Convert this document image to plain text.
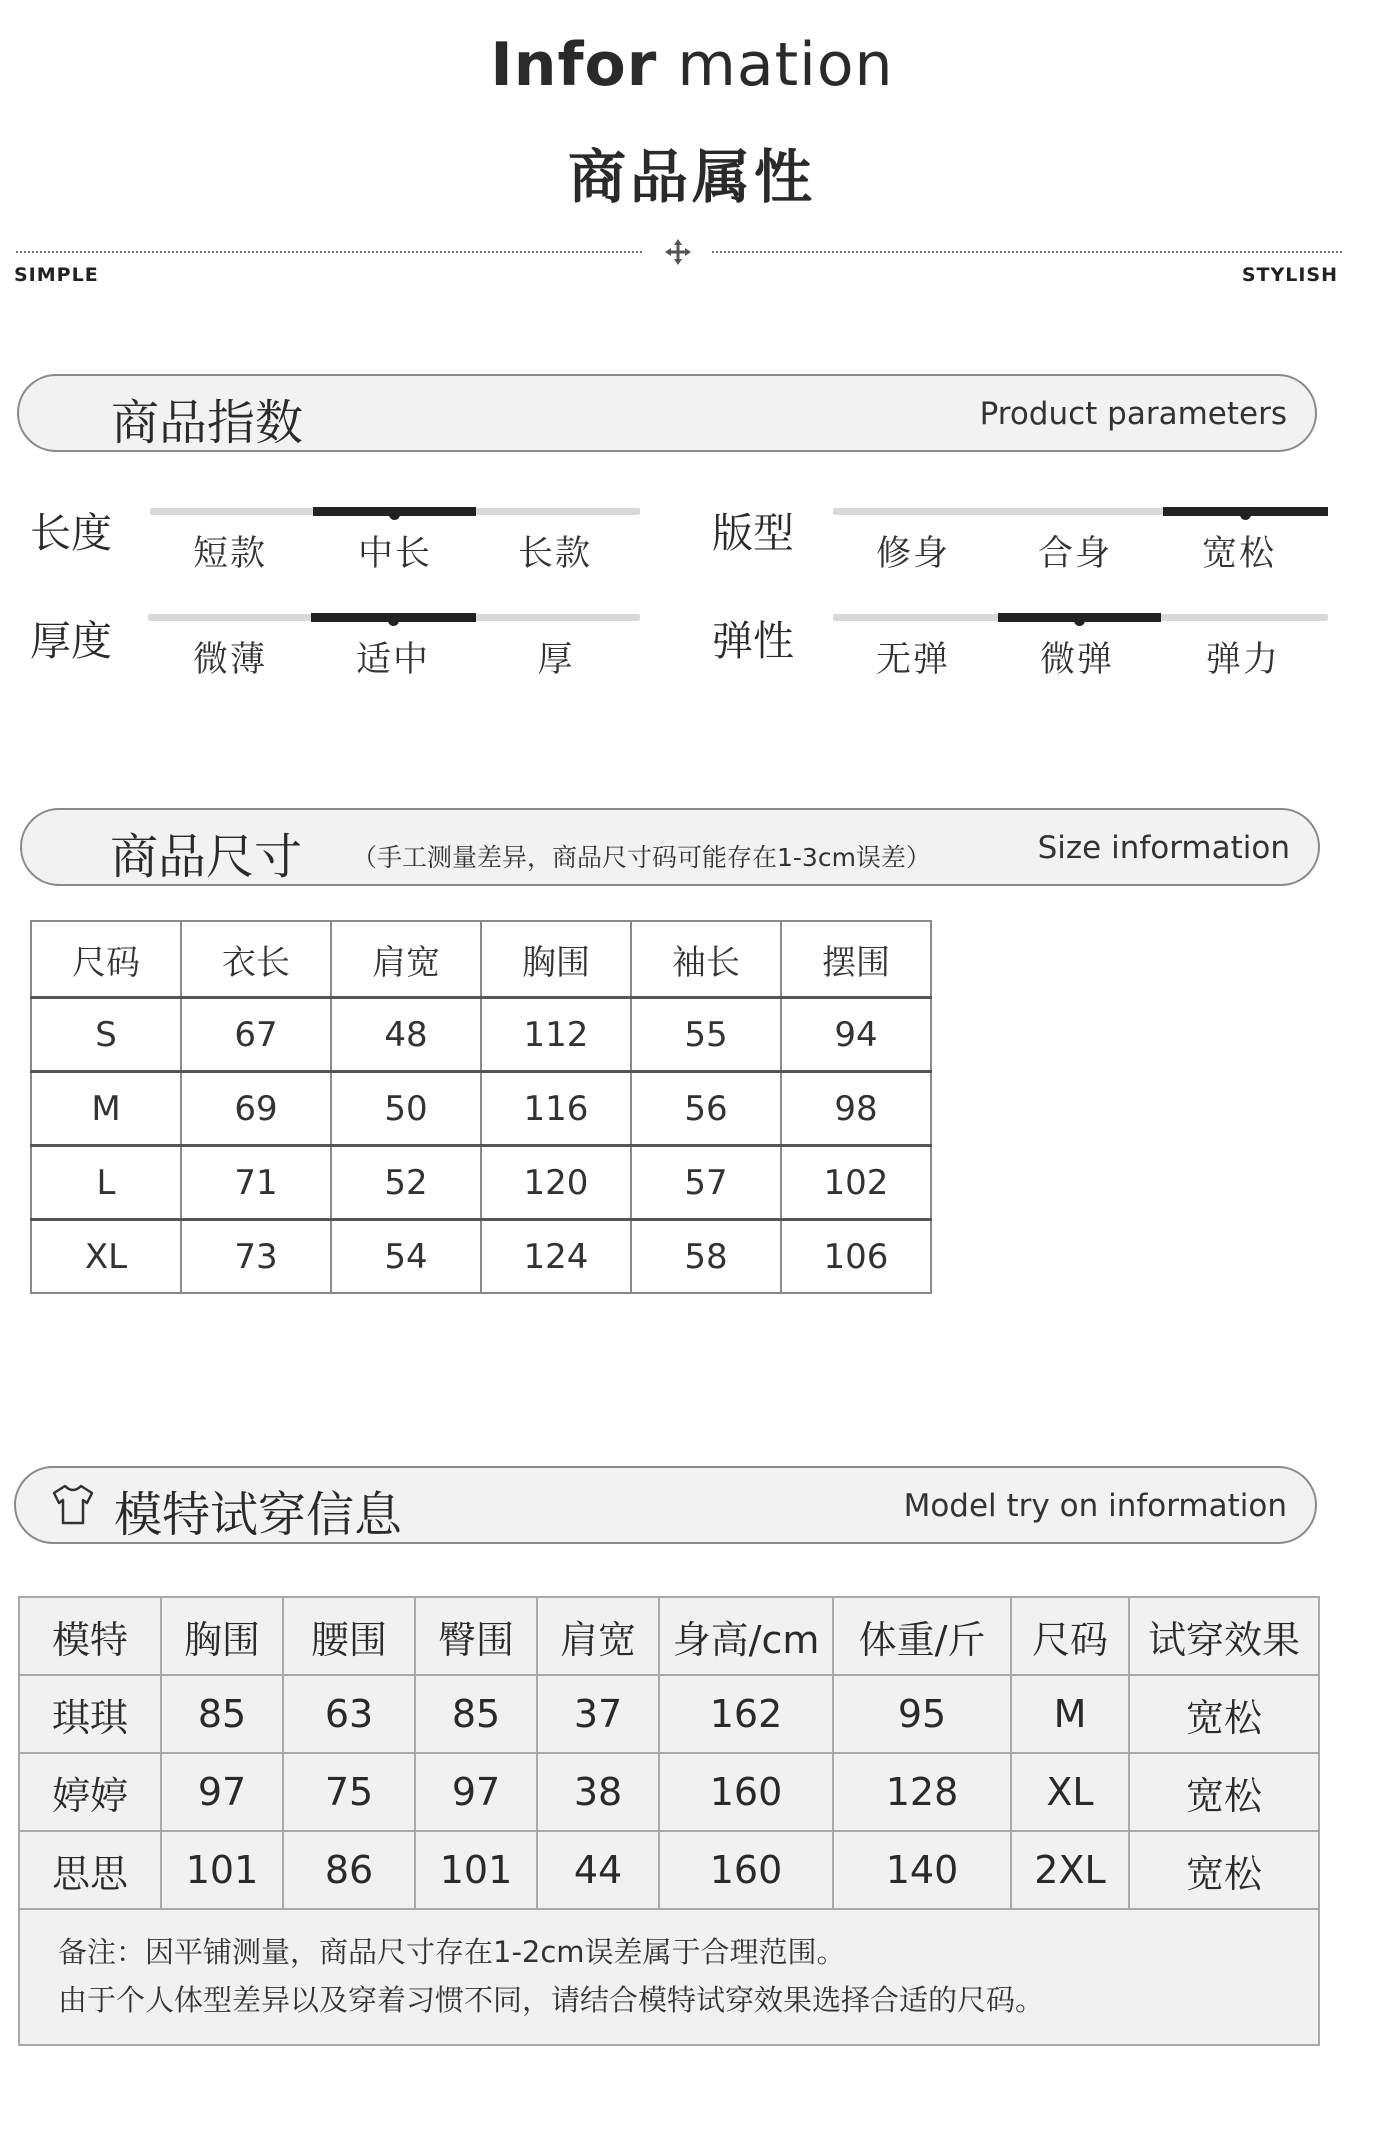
Infor mation
商品属性
SIMPLE	STYLISH
商品指数	Product parameters
长度	短款	中长	长款	版型	修身	合身	宽松
厚度	微薄	适中	厚	弹性	无弹	微弹	弹力
商品尺寸 （手工测量差异，商品尺寸码可能存在1-3cm误差）	Size information
尺码	衣长	肩宽	胸围	袖长	摆围
S	67	48	112	55	94
M	69	50	116	56	98
L	71	52	120	57	102
XL	73	54	124	58	106
模特试穿信息	Model try on information
模特	胸围	腰围	臀围	肩宽	身高/cm	体重/斤	尺码	试穿效果
琪琪	85	63	85	37	162	95	M	宽松
婷婷	97	75	97	38	160	128	XL	宽松
思思	101	86	101	44	160	140	2XL	宽松

备注：因平铺测量，商品尺寸存在1-2cm误差属于合理范围。
由于个人体型差异以及穿着习惯不同，请结合模特试穿效果选择合适的尺码。								
